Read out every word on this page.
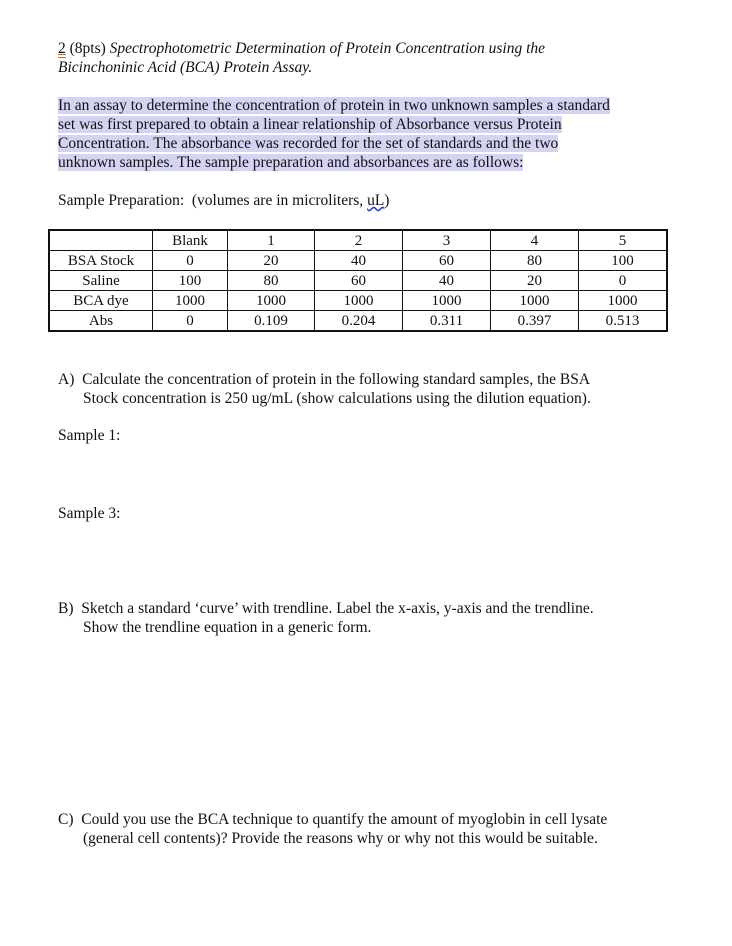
2 (8pts) Spectrophotometric Determination of Protein Concentration using the
Bicinchoninic Acid (BCA) Protein Assay.
In an assay to determine the concentration of protein in two unknown samples a standard
set was first prepared to obtain a linear relationship of Absorbance versus Protein
Concentration. The absorbance was recorded for the set of standards and the two
unknown samples. The sample preparation and absorbances are as follows:
Sample Preparation:  (volumes are in microliters, uL)
	Blank	1	2	3	4	5
BSA Stock	0	20	40	60	80	100
Saline	100	80	60	40	20	0
BCA dye	1000	1000	1000	1000	1000	1000
Abs	0	0.109	0.204	0.311	0.397	0.513
A) Calculate the concentration of protein in the following standard samples, the BSA
Stock concentration is 250 ug/mL (show calculations using the dilution equation).
Sample 1:
Sample 3:
B) Sketch a standard ‘curve’ with trendline. Label the x-axis, y-axis and the trendline.
Show the trendline equation in a generic form.
C) Could you use the BCA technique to quantify the amount of myoglobin in cell lysate
(general cell contents)? Provide the reasons why or why not this would be suitable.
